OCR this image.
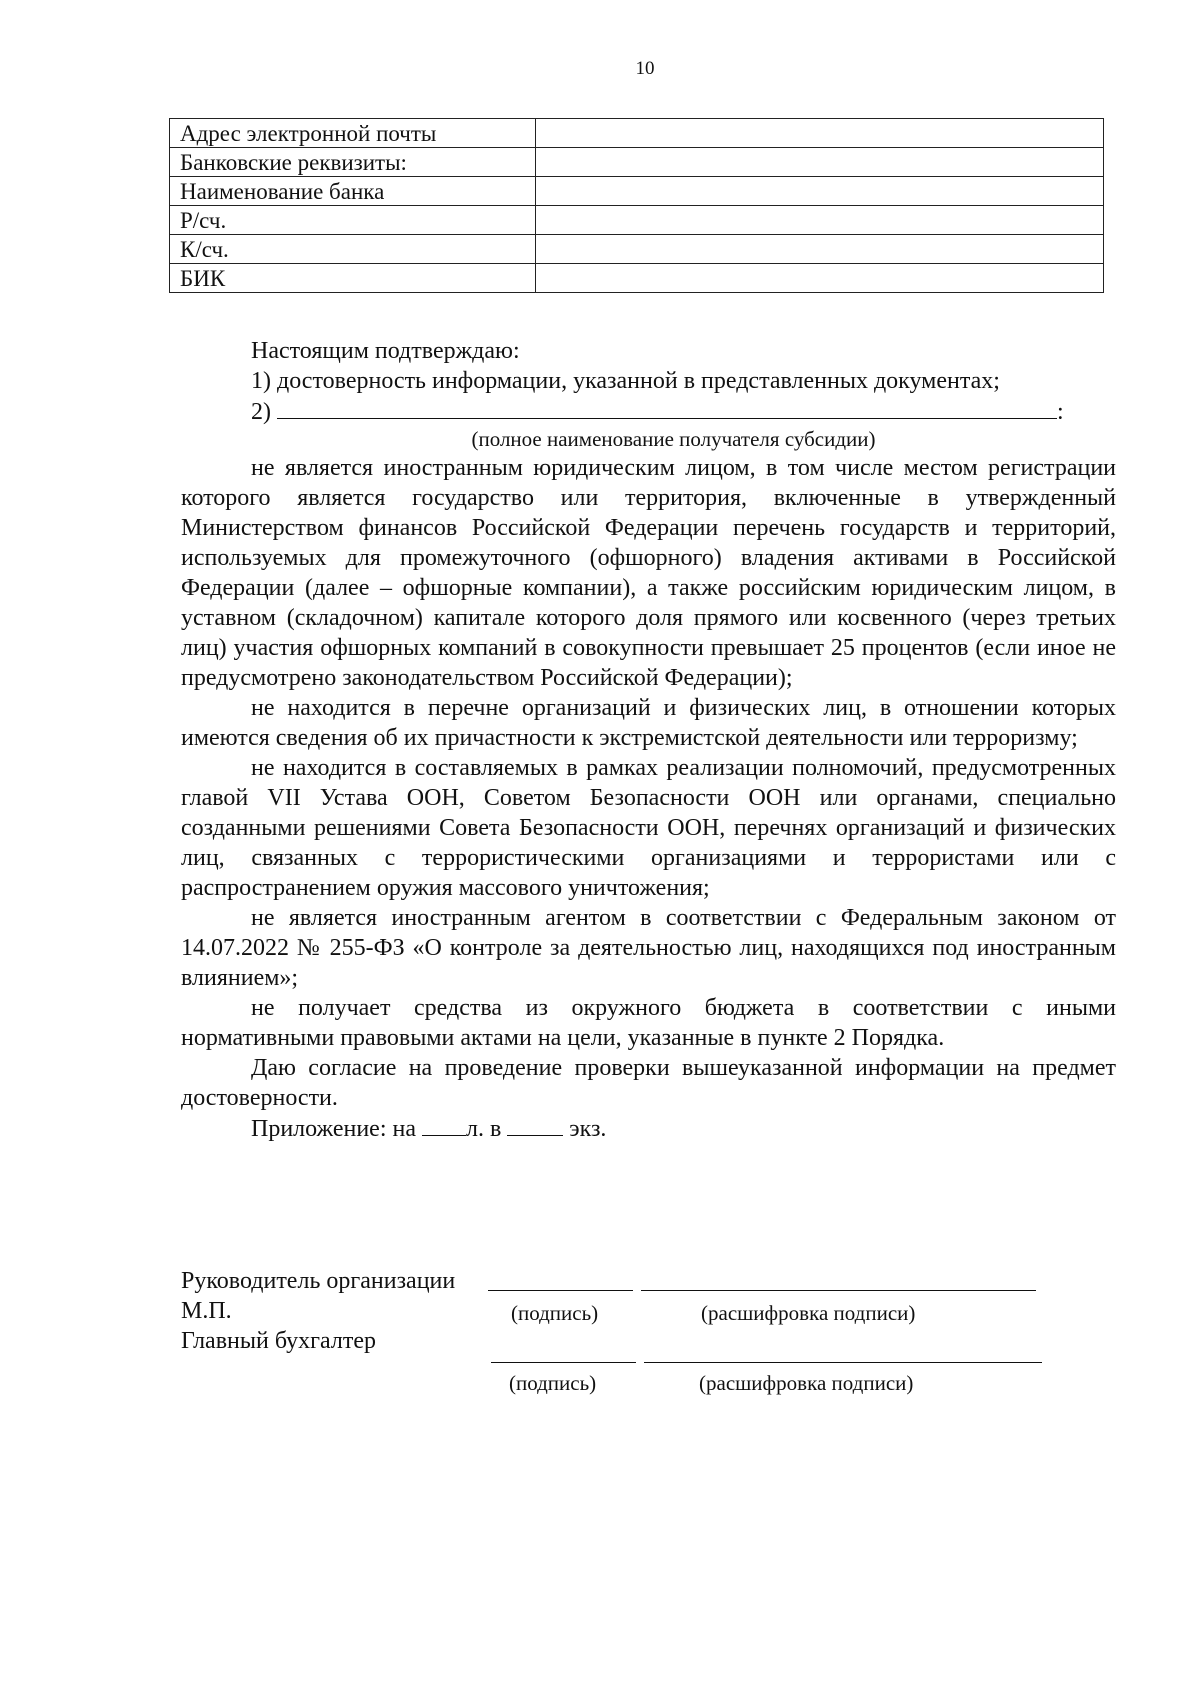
10
Адрес электронной почты	
Банковские реквизиты:	
Наименование банка	
Р/сч.	
К/сч.	
БИК	
Настоящим подтверждаю:
1) достоверность информации, указанной в представленных документах;
2)	:
(полное наименование получателя субсидии)

не является иностранным юридическим лицом, в том числе местом регистрации которого является государство или территория, включенные в утвержденный Министерством финансов Российской Федерации перечень государств и территорий, используемых для промежуточного (офшорного) владения активами в Российской Федерации (далее – офшорные компании), а также российским юридическим лицом, в уставном (складочном) капитале которого доля прямого или косвенного (через третьих лиц) участия офшорных компаний в совокупности превышает 25 процентов (если иное не предусмотрено законодательством Российской Федерации);

не находится в перечне организаций и физических лиц, в отношении которых имеются сведения об их причастности к экстремистской деятельности или терроризму;

не находится в составляемых в рамках реализации полномочий, предусмотренных главой VII Устава ООН, Советом Безопасности ООН или органами, специально созданными решениями Совета Безопасности ООН, перечнях организаций и физических лиц, связанных с террористическими организациями и террористами или с распространением оружия массового уничтожения;

не является иностранным агентом в соответствии с Федеральным законом от 14.07.2022 № 255-ФЗ «О контроле за деятельностью лиц, находящихся под иностранным влиянием»;

не получает средства из окружного бюджета в соответствии с иными нормативными правовыми актами на цели, указанные в пункте 2 Порядка.

Даю согласие на проведение проверки вышеуказанной информации на предмет достоверности.

Приложение: на л. в	экз.
Руководитель организации
М.П.	(подпись)	(расшифровка подписи)
Главный бухгалтер
(подпись)	(расшифровка подписи)
